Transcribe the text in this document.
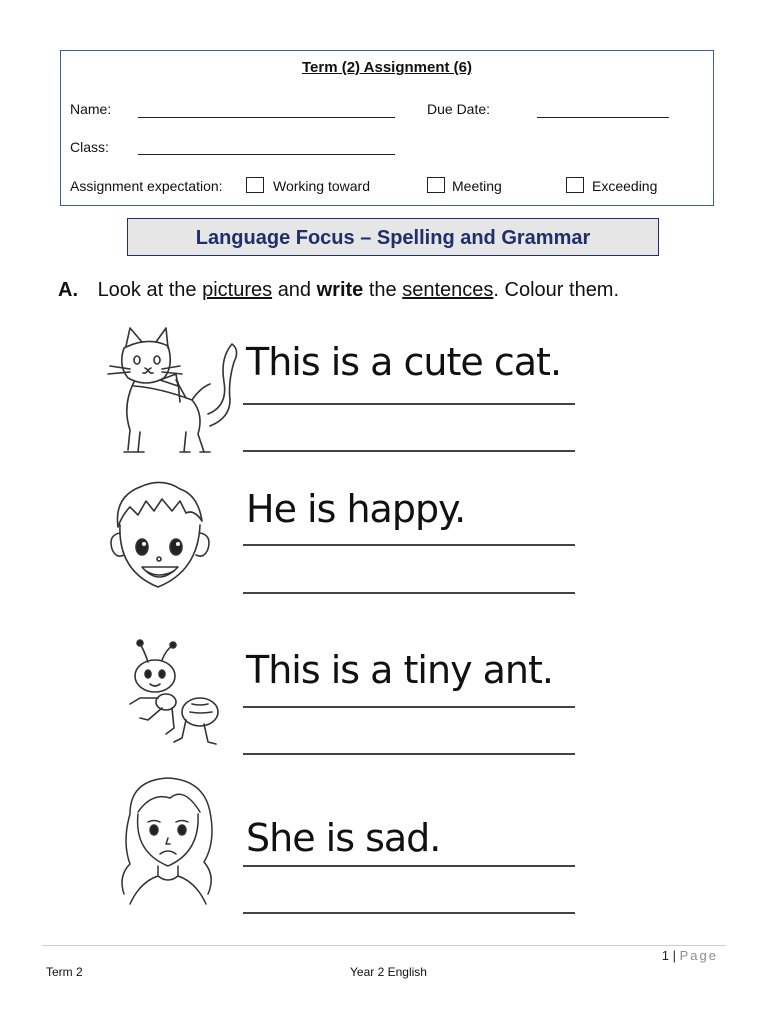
Term (2) Assignment (6)
Name:	Due Date:
Class:
Assignment expectation:	Working toward	Meeting	Exceeding
Language Focus – Spelling and Grammar
A. Look at the pictures and write the sentences. Colour them.
This is a cute cat.
He is happy.
This is a tiny ant.
She is sad.
1 | Page
Term 2	Year 2 English
